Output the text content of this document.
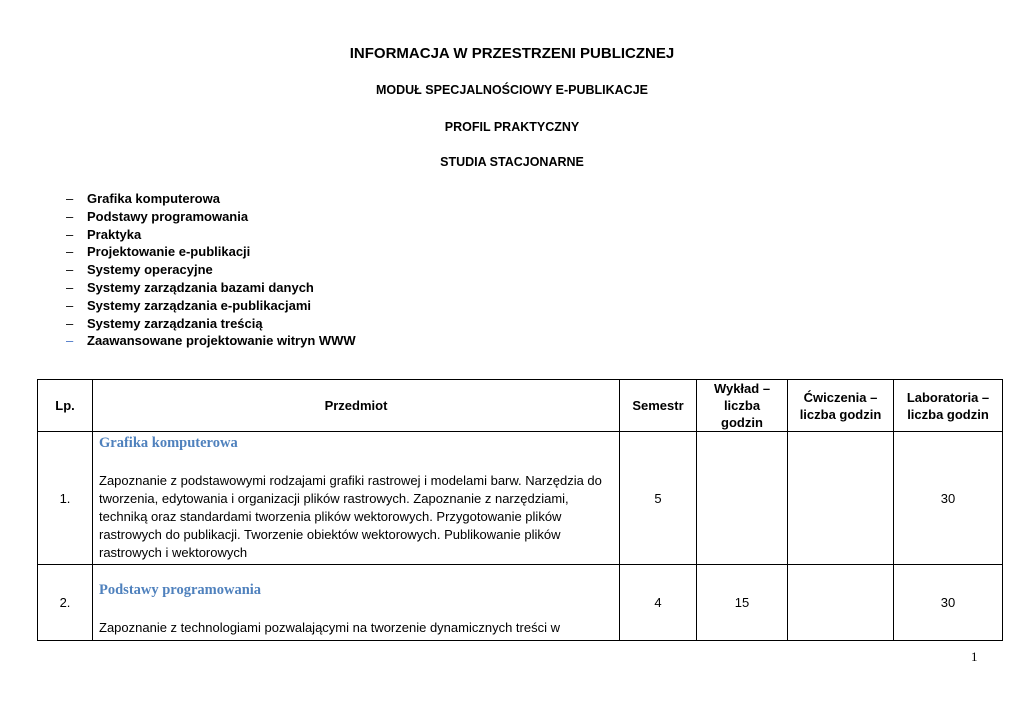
INFORMACJA W PRZESTRZENI PUBLICZNEJ
MODUŁ SPECJALNOŚCIOWY E-PUBLIKACJE
PROFIL PRAKTYCZNY
STUDIA STACJONARNE
– Grafika komputerowa
– Podstawy programowania
– Praktyka
– Projektowanie e-publikacji
– Systemy operacyjne
– Systemy zarządzania bazami danych
– Systemy zarządzania e-publikacjami
– Systemy zarządzania treścią
– Zaawansowane projektowanie witryn WWW
Lp.	Przedmiot	Semestr	Wykład –
liczba godzin	Ćwiczenia –
liczba godzin	Laboratoria –
liczba godzin
1.	Grafika komputerowa
Zapoznanie z podstawowymi rodzajami grafiki rastrowej i modelami barw. Narzędzia do tworzenia, edytowania i organizacji plików rastrowych. Zapoznanie z narzędziami, techniką oraz standardami tworzenia plików wektorowych. Przygotowanie plików rastrowych do publikacji. Tworzenie obiektów wektorowych. Publikowanie plików rastrowych i wektorowych	5			30
2.	Podstawy programowania
Zapoznanie z technologiami pozwalającymi na tworzenie dynamicznych treści w	4	15		30
1
